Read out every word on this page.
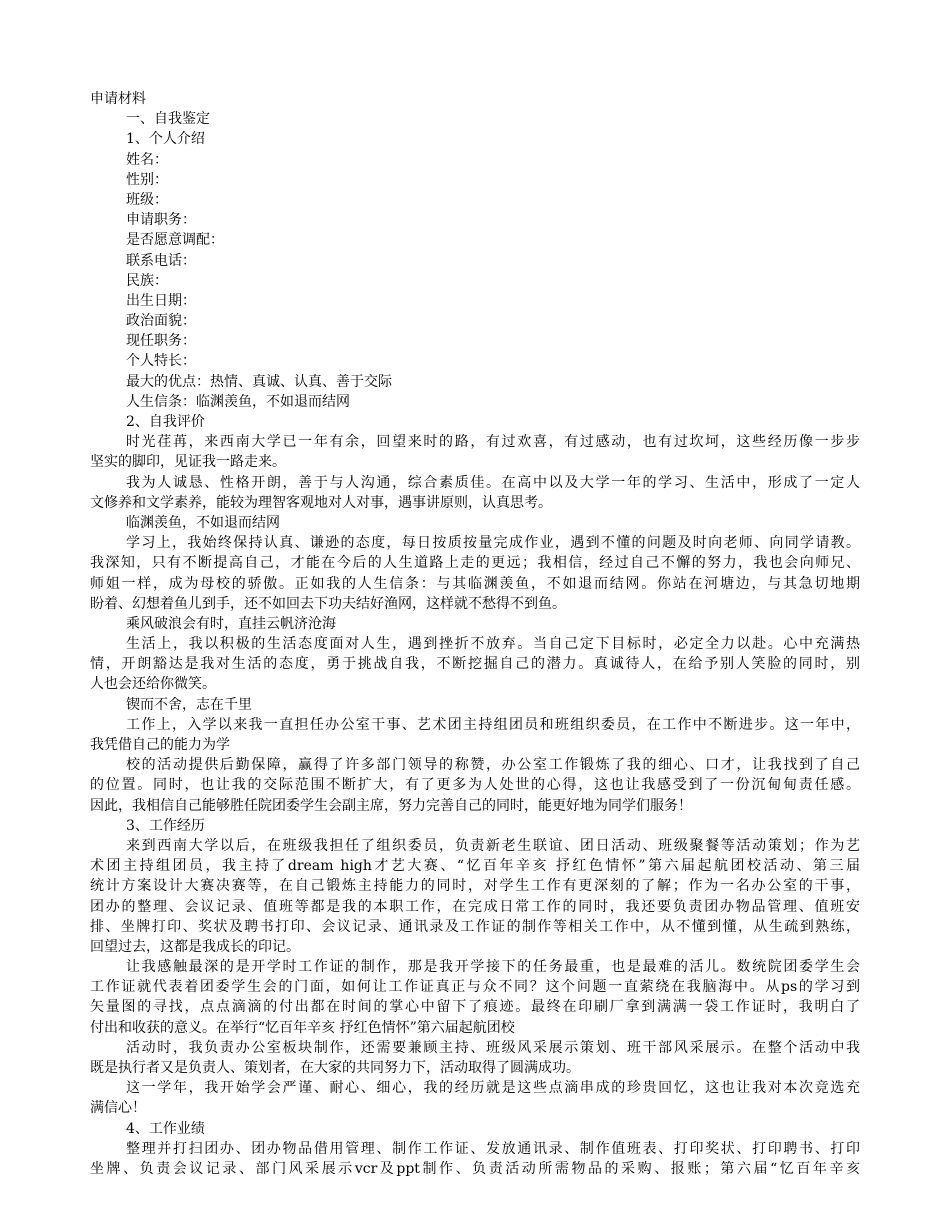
申请材料
一、自我鉴定
1、个人介绍
姓名：
性别：
班级：
申请职务：
是否愿意调配：
联系电话：
民族：
出生日期：
政治面貌：
现任职务：
个人特长：
最大的优点：热情、真诚、认真、善于交际
人生信条：临渊羡鱼，不如退而结网
2、自我评价
时光荏苒，来西南大学已一年有余，回望来时的路，有过欢喜，有过感动，也有过坎坷，这些经历像一步步
坚实的脚印，见证我一路走来。
我为人诚恳、性格开朗，善于与人沟通，综合素质佳。在高中以及大学一年的学习、生活中，形成了一定人
文修养和文学素养，能较为理智客观地对人对事，遇事讲原则，认真思考。
临渊羡鱼，不如退而结网
学习上，我始终保持认真、谦逊的态度，每日按质按量完成作业，遇到不懂的问题及时向老师、向同学请教。
我深知，只有不断提高自己，才能在今后的人生道路上走的更远；我相信，经过自己不懈的努力，我也会向师兄、
师姐一样，成为母校的骄傲。正如我的人生信条：与其临渊羡鱼，不如退而结网。你站在河塘边，与其急切地期
盼着、幻想着鱼儿到手，还不如回去下功夫结好渔网，这样就不愁得不到鱼。
乘风破浪会有时，直挂云帆济沧海
生活上，我以积极的生活态度面对人生，遇到挫折不放弃。当自己定下目标时，必定全力以赴。心中充满热
情，开朗豁达是我对生活的态度，勇于挑战自我，不断挖掘自己的潜力。真诚待人，在给予别人笑脸的同时，别
人也会还给你微笑。
锲而不舍，志在千里
工作上，入学以来我一直担任办公室干事、艺术团主持组团员和班组织委员，在工作中不断进步。这一年中，
我凭借自己的能力为学
校的活动提供后勤保障，赢得了许多部门领导的称赞，办公室工作锻炼了我的细心、口才，让我找到了自己
的位置。同时，也让我的交际范围不断扩大，有了更多为人处世的心得，这也让我感受到了一份沉甸甸责任感。
因此，我相信自己能够胜任院团委学生会副主席，努力完善自己的同时，能更好地为同学们服务！
3、工作经历
来到西南大学以后，在班级我担任了组织委员，负责新老生联谊、团日活动、班级聚餐等活动策划；作为艺
术团主持组团员，我主持了dream high才艺大赛、“忆百年辛亥 抒红色情怀”第六届起航团校活动、第三届
统计方案设计大赛决赛等，在自己锻炼主持能力的同时，对学生工作有更深刻的了解；作为一名办公室的干事，
团办的整理、会议记录、值班等都是我的本职工作，在完成日常工作的同时，我还要负责团办物品管理、值班安
排、坐牌打印、奖状及聘书打印、会议记录、通讯录及工作证的制作等相关工作中，从不懂到懂，从生疏到熟练，
回望过去，这都是我成长的印记。
让我感触最深的是开学时工作证的制作，那是我开学接下的任务最重，也是最难的活儿。数统院团委学生会
工作证就代表着团委学生会的门面，如何让工作证真正与众不同？这个问题一直萦绕在我脑海中。从ps的学习到
矢量图的寻找，点点滴滴的付出都在时间的掌心中留下了痕迹。最终在印刷厂拿到满满一袋工作证时，我明白了
付出和收获的意义。在举行“忆百年辛亥 抒红色情怀”第六届起航团校
活动时，我负责办公室板块制作，还需要兼顾主持、班级风采展示策划、班干部风采展示。在整个活动中我
既是执行者又是负责人、策划者，在大家的共同努力下，活动取得了圆满成功。
这一学年，我开始学会严谨、耐心、细心，我的经历就是这些点滴串成的珍贵回忆，这也让我对本次竞选充
满信心！
4、工作业绩
整理并打扫团办、团办物品借用管理、制作工作证、发放通讯录、制作值班表、打印奖状、打印聘书、打印
坐牌、负责会议记录、部门风采展示vcr及ppt制作、负责活动所需物品的采购、报账；第六届“忆百年辛亥
